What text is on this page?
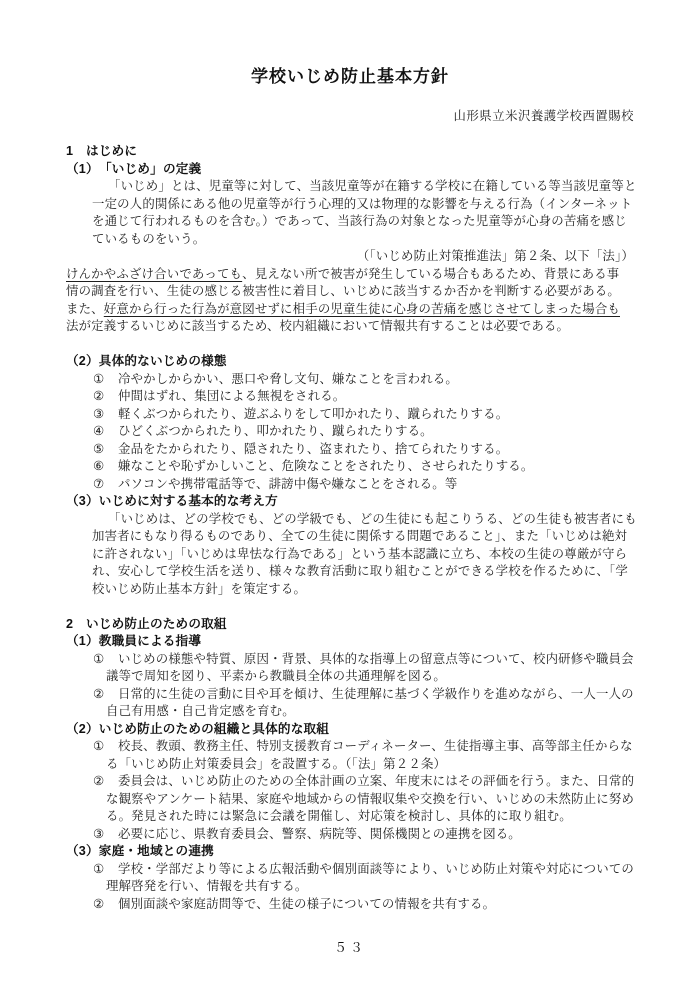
学校いじめ防止基本方針
山形県立米沢養護学校西置賜校
1　はじめに
（1）　「いじめ」の定義
「いじめ」とは、児童等に対して、当該児童等が在籍する学校に在籍している等当該児童等と
一定の人的関係にある他の児童等が行う心理的又は物理的な影響を与える行為（インターネット
を通じて行われるものを含む。）であって、当該行為の対象となった児童等が心身の苦痛を感じ
ているものをいう。
（「いじめ防止対策推進法」第２条、以下「法」）
けんかやふざけ合いであっても、見えない所で被害が発生している場合もあるため、背景にある事
情の調査を行い、生徒の感じる被害性に着目し、いじめに該当するか否かを判断する必要がある。
また、好意から行った行為が意図せずに相手の児童生徒に心身の苦痛を感じさせてしまった場合も
法が定義するいじめに該当するため、校内組織において情報共有することは必要である。
（2）具体的ないじめの様態
① 冷やかしからかい、悪口や脅し文句、嫌なことを言われる。
② 仲間はずれ、集団による無視をされる。
③ 軽くぶつかられたり、遊ぶふりをして叩かれたり、蹴られたりする。
④ ひどくぶつかられたり、叩かれたり、蹴られたりする。
⑤ 金品をたかられたり、隠されたり、盗まれたり、捨てられたりする。
⑥ 嫌なことや恥ずかしいこと、危険なことをされたり、させられたりする。
⑦ パソコンや携帯電話等で、誹謗中傷や嫌なことをされる。等
（3）いじめに対する基本的な考え方
「いじめは、どの学校でも、どの学級でも、どの生徒にも起こりうる、どの生徒も被害者にも
加害者にもなり得るものであり、全ての生徒に関係する問題であること」、また「いじめは絶対
に許されない」「いじめは卑怯な行為である」という基本認識に立ち、本校の生徒の尊厳が守ら
れ、安心して学校生活を送り、様々な教育活動に取り組むことができる学校を作るために、「学
校いじめ防止基本方針」を策定する。
2　いじめ防止のための取組
（1）教職員による指導
① いじめの様態や特質、原因・背景、具体的な指導上の留意点等について、校内研修や職員会
議等で周知を図り、平素から教職員全体の共通理解を図る。
② 日常的に生徒の言動に目や耳を傾け、生徒理解に基づく学級作りを進めながら、一人一人の
自己有用感・自己肯定感を育む。
（2）いじめ防止のための組織と具体的な取組
① 校長、教頭、教務主任、特別支援教育コーディネーター、生徒指導主事、高等部主任からな
る「いじめ防止対策委員会」を設置する。（「法」第２２条）
② 委員会は、いじめ防止のための全体計画の立案、年度末にはその評価を行う。また、日常的
な観察やアンケート結果、家庭や地域からの情報収集や交換を行い、いじめの未然防止に努め
る。発見された時には緊急に会議を開催し、対応策を検討し、具体的に取り組む。
③ 必要に応じ、県教育委員会、警察、病院等、関係機関との連携を図る。
（3）家庭・地域との連携
① 学校・学部だより等による広報活動や個別面談等により、いじめ防止対策や対応についての
理解啓発を行い、情報を共有する。
② 個別面談や家庭訪問等で、生徒の様子についての情報を共有する。
５３
